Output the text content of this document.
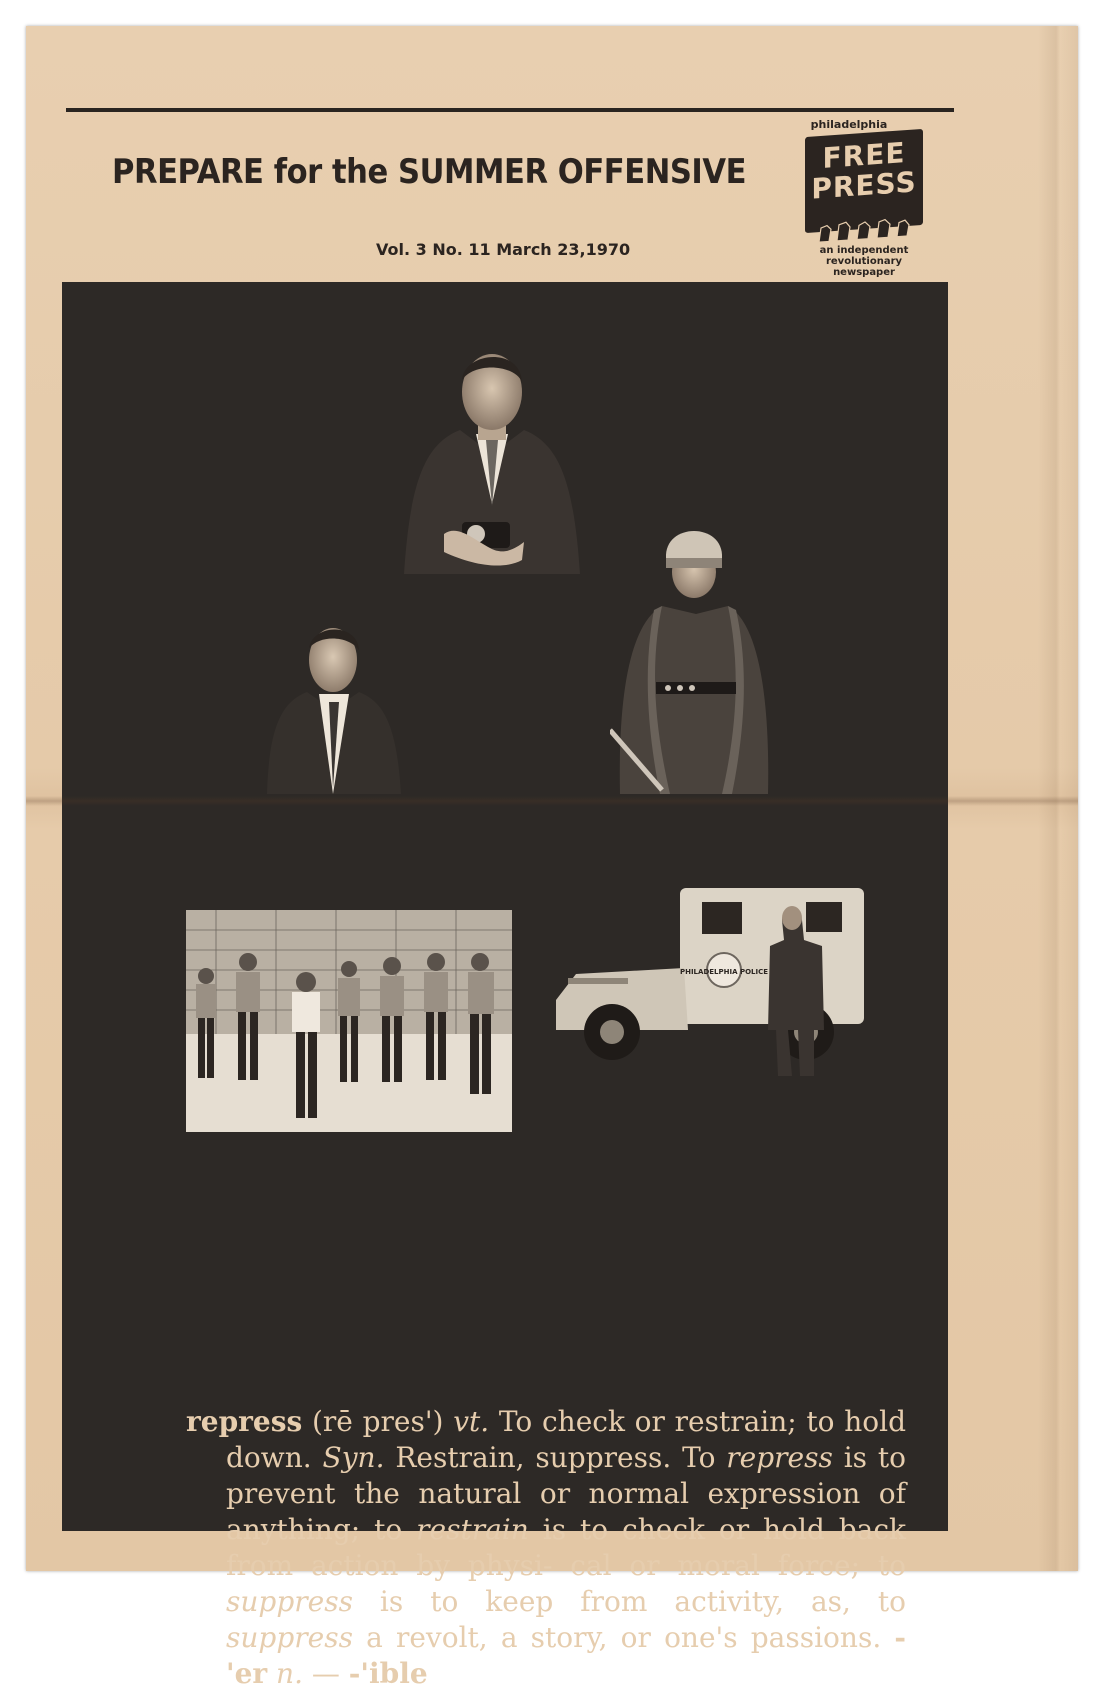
PREPARE for the SUMMER OFFENSIVE
Vol. 3 No. 11 March 23,1970
philadelphia
FREE
PRESS
an independent
revolutionary newspaper
PHILADELPHIA POLICE

repress (rē pres') vt. To check or restrain; to hold down. Syn. Restrain, suppress. To repress is to prevent the natural or normal expression of anything; to restrain is to check or hold back from action by physi- cal or moral force; to suppress is to keep from activity, as, to suppress a revolt, a story, or one's passions. -'er n. — -'ible
